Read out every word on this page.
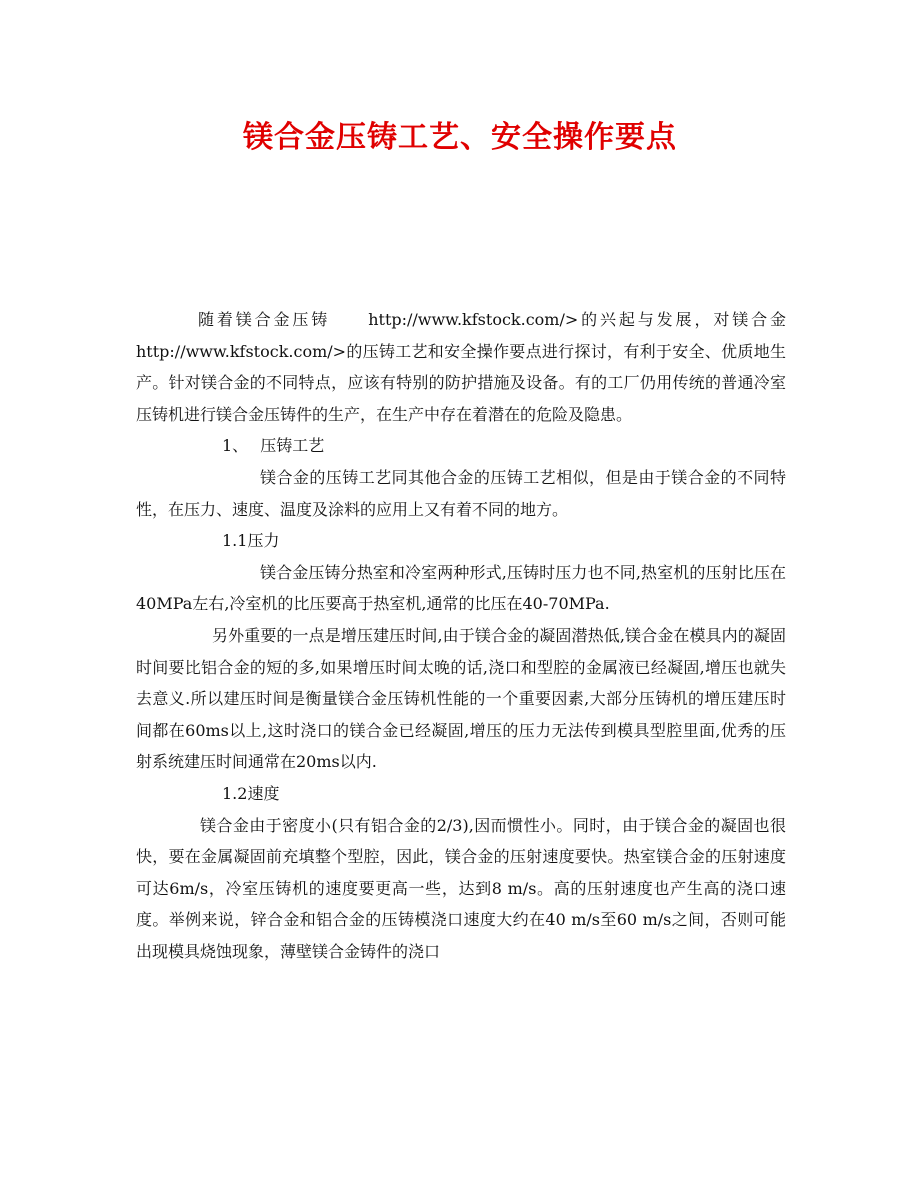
镁合金压铸工艺、安全操作要点

随着镁合金压铸 http://www.kfstock.com/>的兴起与发展，对镁合金http://www.kfstock.com/>的压铸工艺和安全操作要点进行探讨，有利于安全、优质地生产。针对镁合金的不同特点，应该有特别的防护措施及设备。有的工厂仍用传统的普通冷室压铸机进行镁合金压铸件的生产，在生产中存在着潜在的危险及隐患。

1、 压铸工艺

镁合金的压铸工艺同其他合金的压铸工艺相似，但是由于镁合金的不同特性，在压力、速度、温度及涂料的应用上又有着不同的地方。

1.1压力

镁合金压铸分热室和冷室两种形式,压铸时压力也不同,热室机的压射比压在40MPa左右,冷室机的比压要高于热室机,通常的比压在40-70MPa.

另外重要的一点是增压建压时间,由于镁合金的凝固潜热低,镁合金在模具内的凝固时间要比铝合金的短的多,如果增压时间太晚的话,浇口和型腔的金属液已经凝固,增压也就失去意义.所以建压时间是衡量镁合金压铸机性能的一个重要因素,大部分压铸机的增压建压时间都在60ms以上,这时浇口的镁合金已经凝固,增压的压力无法传到模具型腔里面,优秀的压射系统建压时间通常在20ms以内.

1.2速度

镁合金由于密度小(只有铝合金的2/3),因而惯性小。同时，由于镁合金的凝固也很快，要在金属凝固前充填整个型腔，因此，镁合金的压射速度要快。热室镁合金的压射速度可达6m/s，冷室压铸机的速度要更高一些，达到8 m/s。高的压射速度也产生高的浇口速度。举例来说，锌合金和铝合金的压铸模浇口速度大约在40 m/s至60 m/s之间，否则可能出现模具烧蚀现象，薄壁镁合金铸件的浇口
